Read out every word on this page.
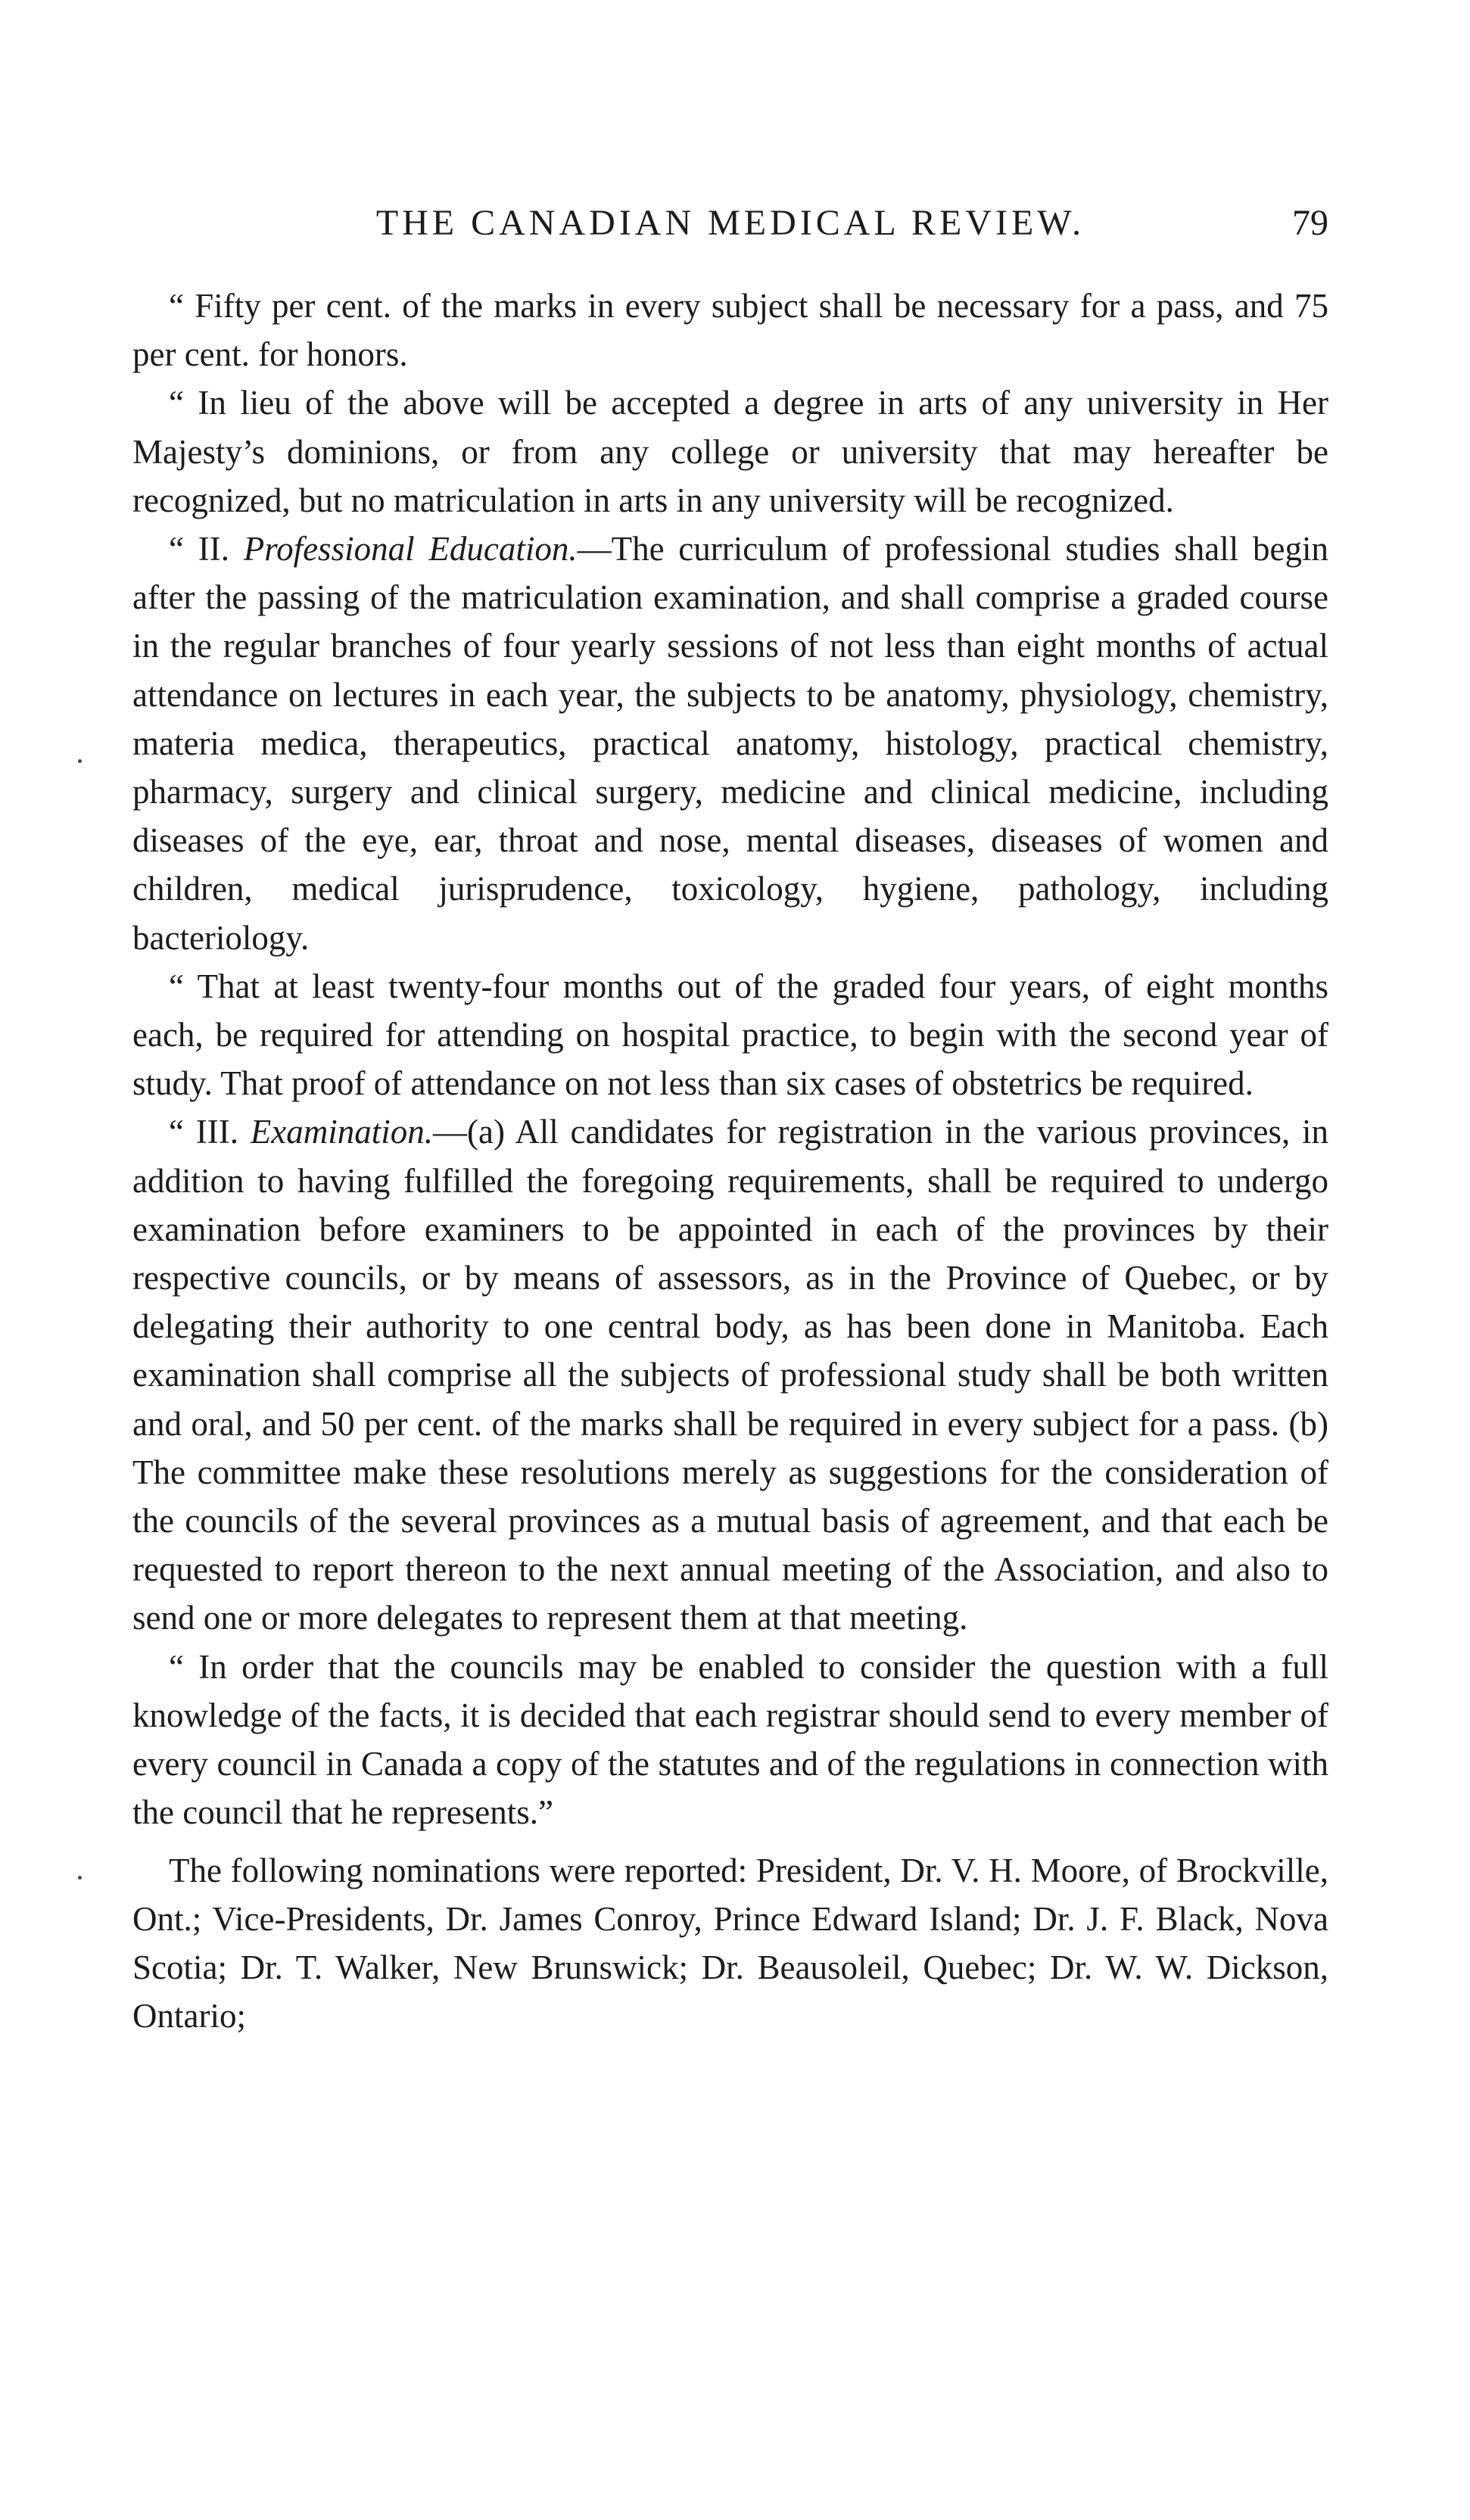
THE CANADIAN MEDICAL REVIEW.	79

“ Fifty per cent. of the marks in every subject shall be necessary for a pass, and 75 per cent. for honors.

“ In lieu of the above will be accepted a degree in arts of any university in Her Majesty’s dominions, or from any college or university that may hereafter be recognized, but no matriculation in arts in any university will be recognized.

“ II. Professional Education.—The curriculum of professional studies shall begin after the passing of the matriculation examination, and shall comprise a graded course in the regular branches of four yearly sessions of not less than eight months of actual attendance on lectures in each year, the subjects to be anatomy, physiology, chemistry, materia medica, therapeutics, practical anatomy, histology, practical chemistry, pharmacy, surgery and clinical surgery, medicine and clinical medicine, including diseases of the eye, ear, throat and nose, mental diseases, diseases of women and children, medical jurisprudence, toxicology, hygiene, pathology, including bacteriology.

“ That at least twenty-four months out of the graded four years, of eight months each, be required for attending on hospital practice, to begin with the second year of study. That proof of attendance on not less than six cases of obstetrics be required.

“ III. Examination.—(a) All candidates for registration in the various provinces, in addition to having fulfilled the foregoing requirements, shall be required to undergo examination before examiners to be appointed in each of the provinces by their respective councils, or by means of assessors, as in the Province of Quebec, or by delegating their authority to one central body, as has been done in Manitoba. Each examination shall comprise all the subjects of professional study shall be both written and oral, and 50 per cent. of the marks shall be required in every subject for a pass. (b) The committee make these resolutions merely as suggestions for the consideration of the councils of the several provinces as a mutual basis of agreement, and that each be requested to report thereon to the next annual meeting of the Association, and also to send one or more delegates to represent them at that meeting.

“ In order that the councils may be enabled to consider the question with a full knowledge of the facts, it is decided that each registrar should send to every member of every council in Canada a copy of the statutes and of the regulations in connection with the council that he represents.”

The following nominations were reported: President, Dr. V. H. Moore, of Brockville, Ont.; Vice-Presidents, Dr. James Conroy, Prince Edward Island; Dr. J. F. Black, Nova Scotia; Dr. T. Walker, New Brunswick; Dr. Beausoleil, Quebec; Dr. W. W. Dickson, Ontario;
